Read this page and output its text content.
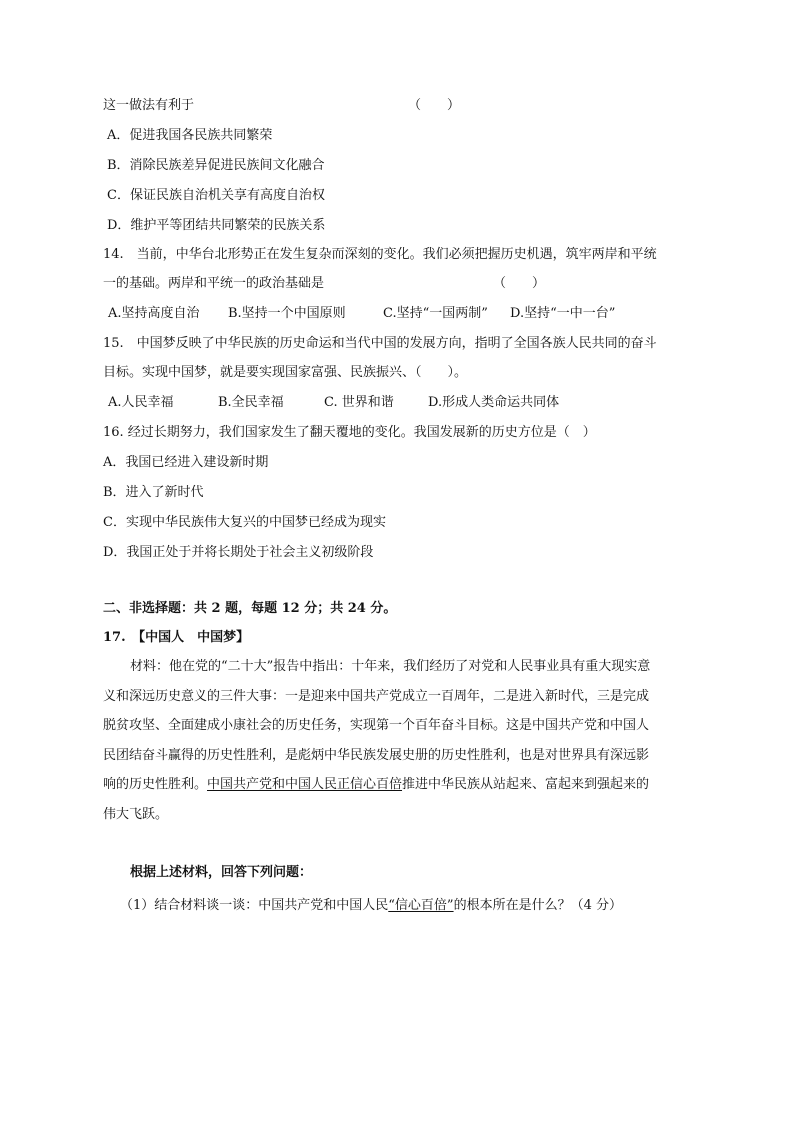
这一做法有利于	（　　）
A．促进我国各民族共同繁荣
B．消除民族差异促进民族间文化融合
C．保证民族自治机关享有高度自治权
D．维护平等团结共同繁荣的民族关系
14.　当前，中华台北形势正在发生复杂而深刻的变化。我们必须把握历史机遇，筑牢两岸和平统
一的基础。两岸和平统一的政治基础是	（　　）
A.坚持高度自治 B.坚持一个中国原则	C.坚持“一国两制” D.坚持“一中一台”
15.　中国梦反映了中华民族的历史命运和当代中国的发展方向，指明了全国各族人民共同的奋斗
目标。实现中国梦，就是要实现国家富强、民族振兴、（　　）。
A.人民幸福	B.全民幸福	C. 世界和谐	D.形成人类命运共同体
16. 经过长期努力，我们国家发生了翻天覆地的变化。我国发展新的历史方位是（　）
A．我国已经进入建设新时期
B．进入了新时代
C．实现中华民族伟大复兴的中国梦已经成为现实
D．我国正处于并将长期处于社会主义初级阶段
二、非选择题：共 2 题，每题 12 分；共 24 分。
17.　【中国人　中国梦】
材料：他在党的“二十大”报告中指出：十年来，我们经历了对党和人民事业具有重大现实意
义和深远历史意义的三件大事：一是迎来中国共产党成立一百周年，二是进入新时代，三是完成
脱贫攻坚、全面建成小康社会的历史任务，实现第一个百年奋斗目标。这是中国共产党和中国人
民团结奋斗赢得的历史性胜利，是彪炳中华民族发展史册的历史性胜利，也是对世界具有深远影
响的历史性胜利。中国共产党和中国人民正信心百倍推进中华民族从站起来、富起来到强起来的
伟大飞跃。
根据上述材料，回答下列问题：
（1）结合材料谈一谈：中国共产党和中国人民“信心百倍”的根本所在是什么？（4 分）
